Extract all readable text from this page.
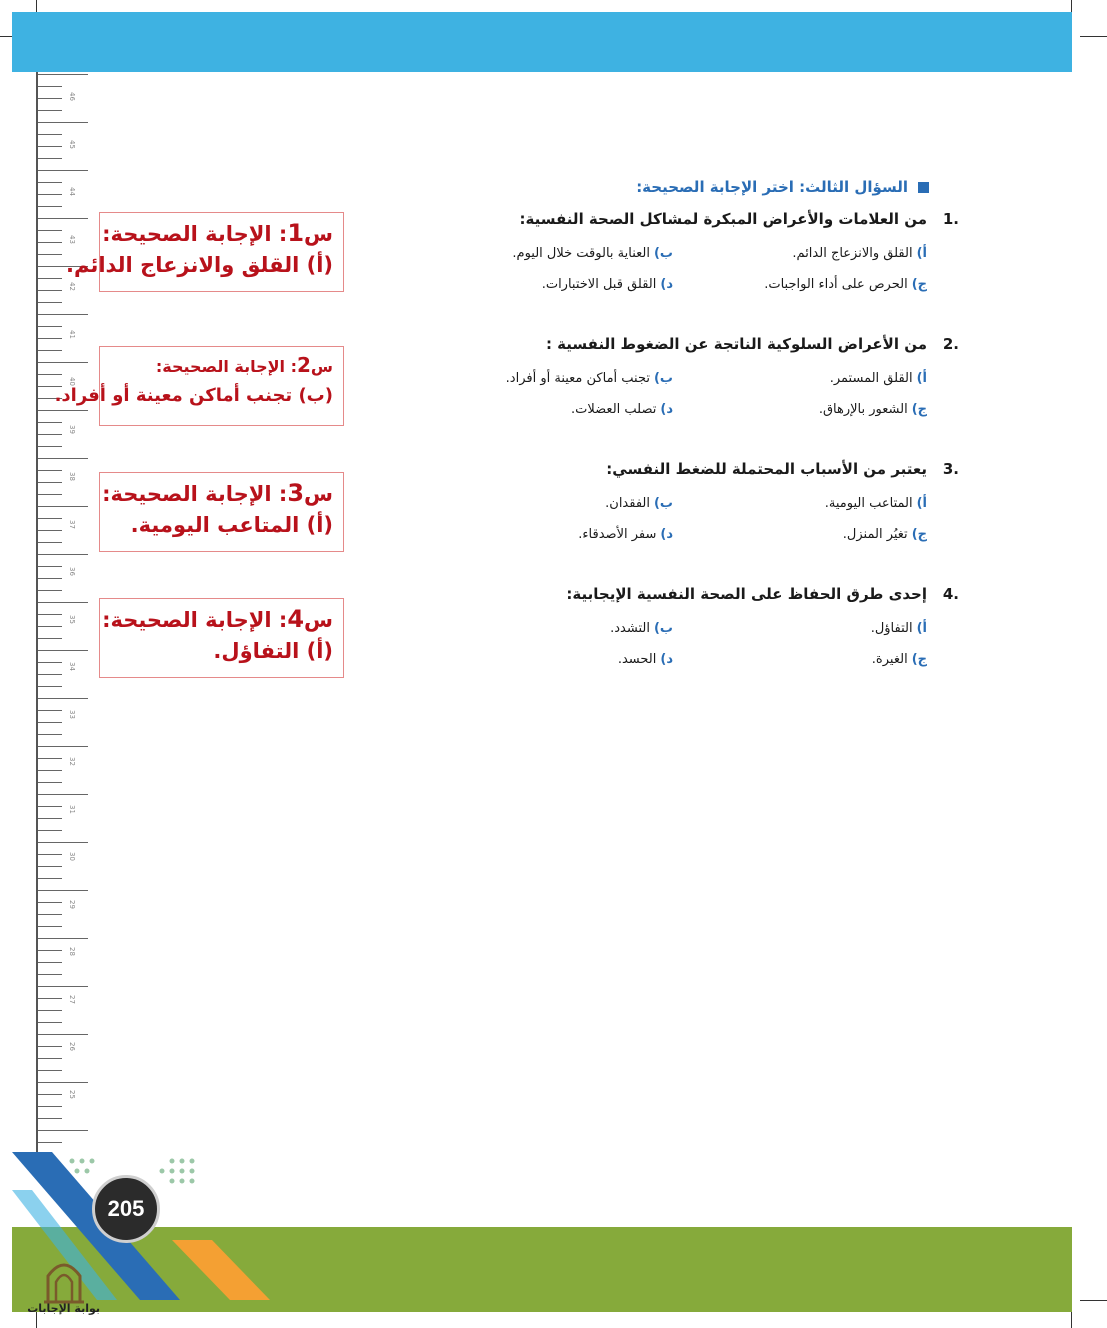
46
45
44
43
42
41
40
39
38
37
36
35
34
33
32
31
30
29
28
27
26
25
السؤال الثالث: اختر الإجابة الصحيحة:
.1
من العلامات والأعراض المبكرة لمشاكل الصحة النفسية:
أ)القلق والانزعاج الدائم.
ب)العناية بالوقت خلال اليوم.
ج)الحرص على أداء الواجبات.
د)القلق قبل الاختبارات.
.2
من الأعراض السلوكية الناتجة عن الضغوط النفسية :
أ)القلق المستمر.
ب)تجنب أماكن معينة أو أفراد.
ج)الشعور بالإرهاق.
د)تصلب العضلات.
.3
يعتبر من الأسباب المحتملة للضغط النفسي:
أ)المتاعب اليومية.
ب)الفقدان.
ج)تغيُر المنزل.
د)سفر الأصدقاء.
.4
إحدى طرق الحفاظ على الصحة النفسية الإيجابية:
أ)التفاؤل.
ب)التشدد.
ج)الغيرة.
د)الحسد.
س1: الإجابة الصحيحة:
(أ) القلق والانزعاج الدائم.
س2: الإجابة الصحيحة:
(ب) تجنب أماكن معينة أو أفراد.
س3: الإجابة الصحيحة:
(أ) المتاعب اليومية.
س4: الإجابة الصحيحة:
(أ) التفاؤل.
205
بوابة الإجابات
